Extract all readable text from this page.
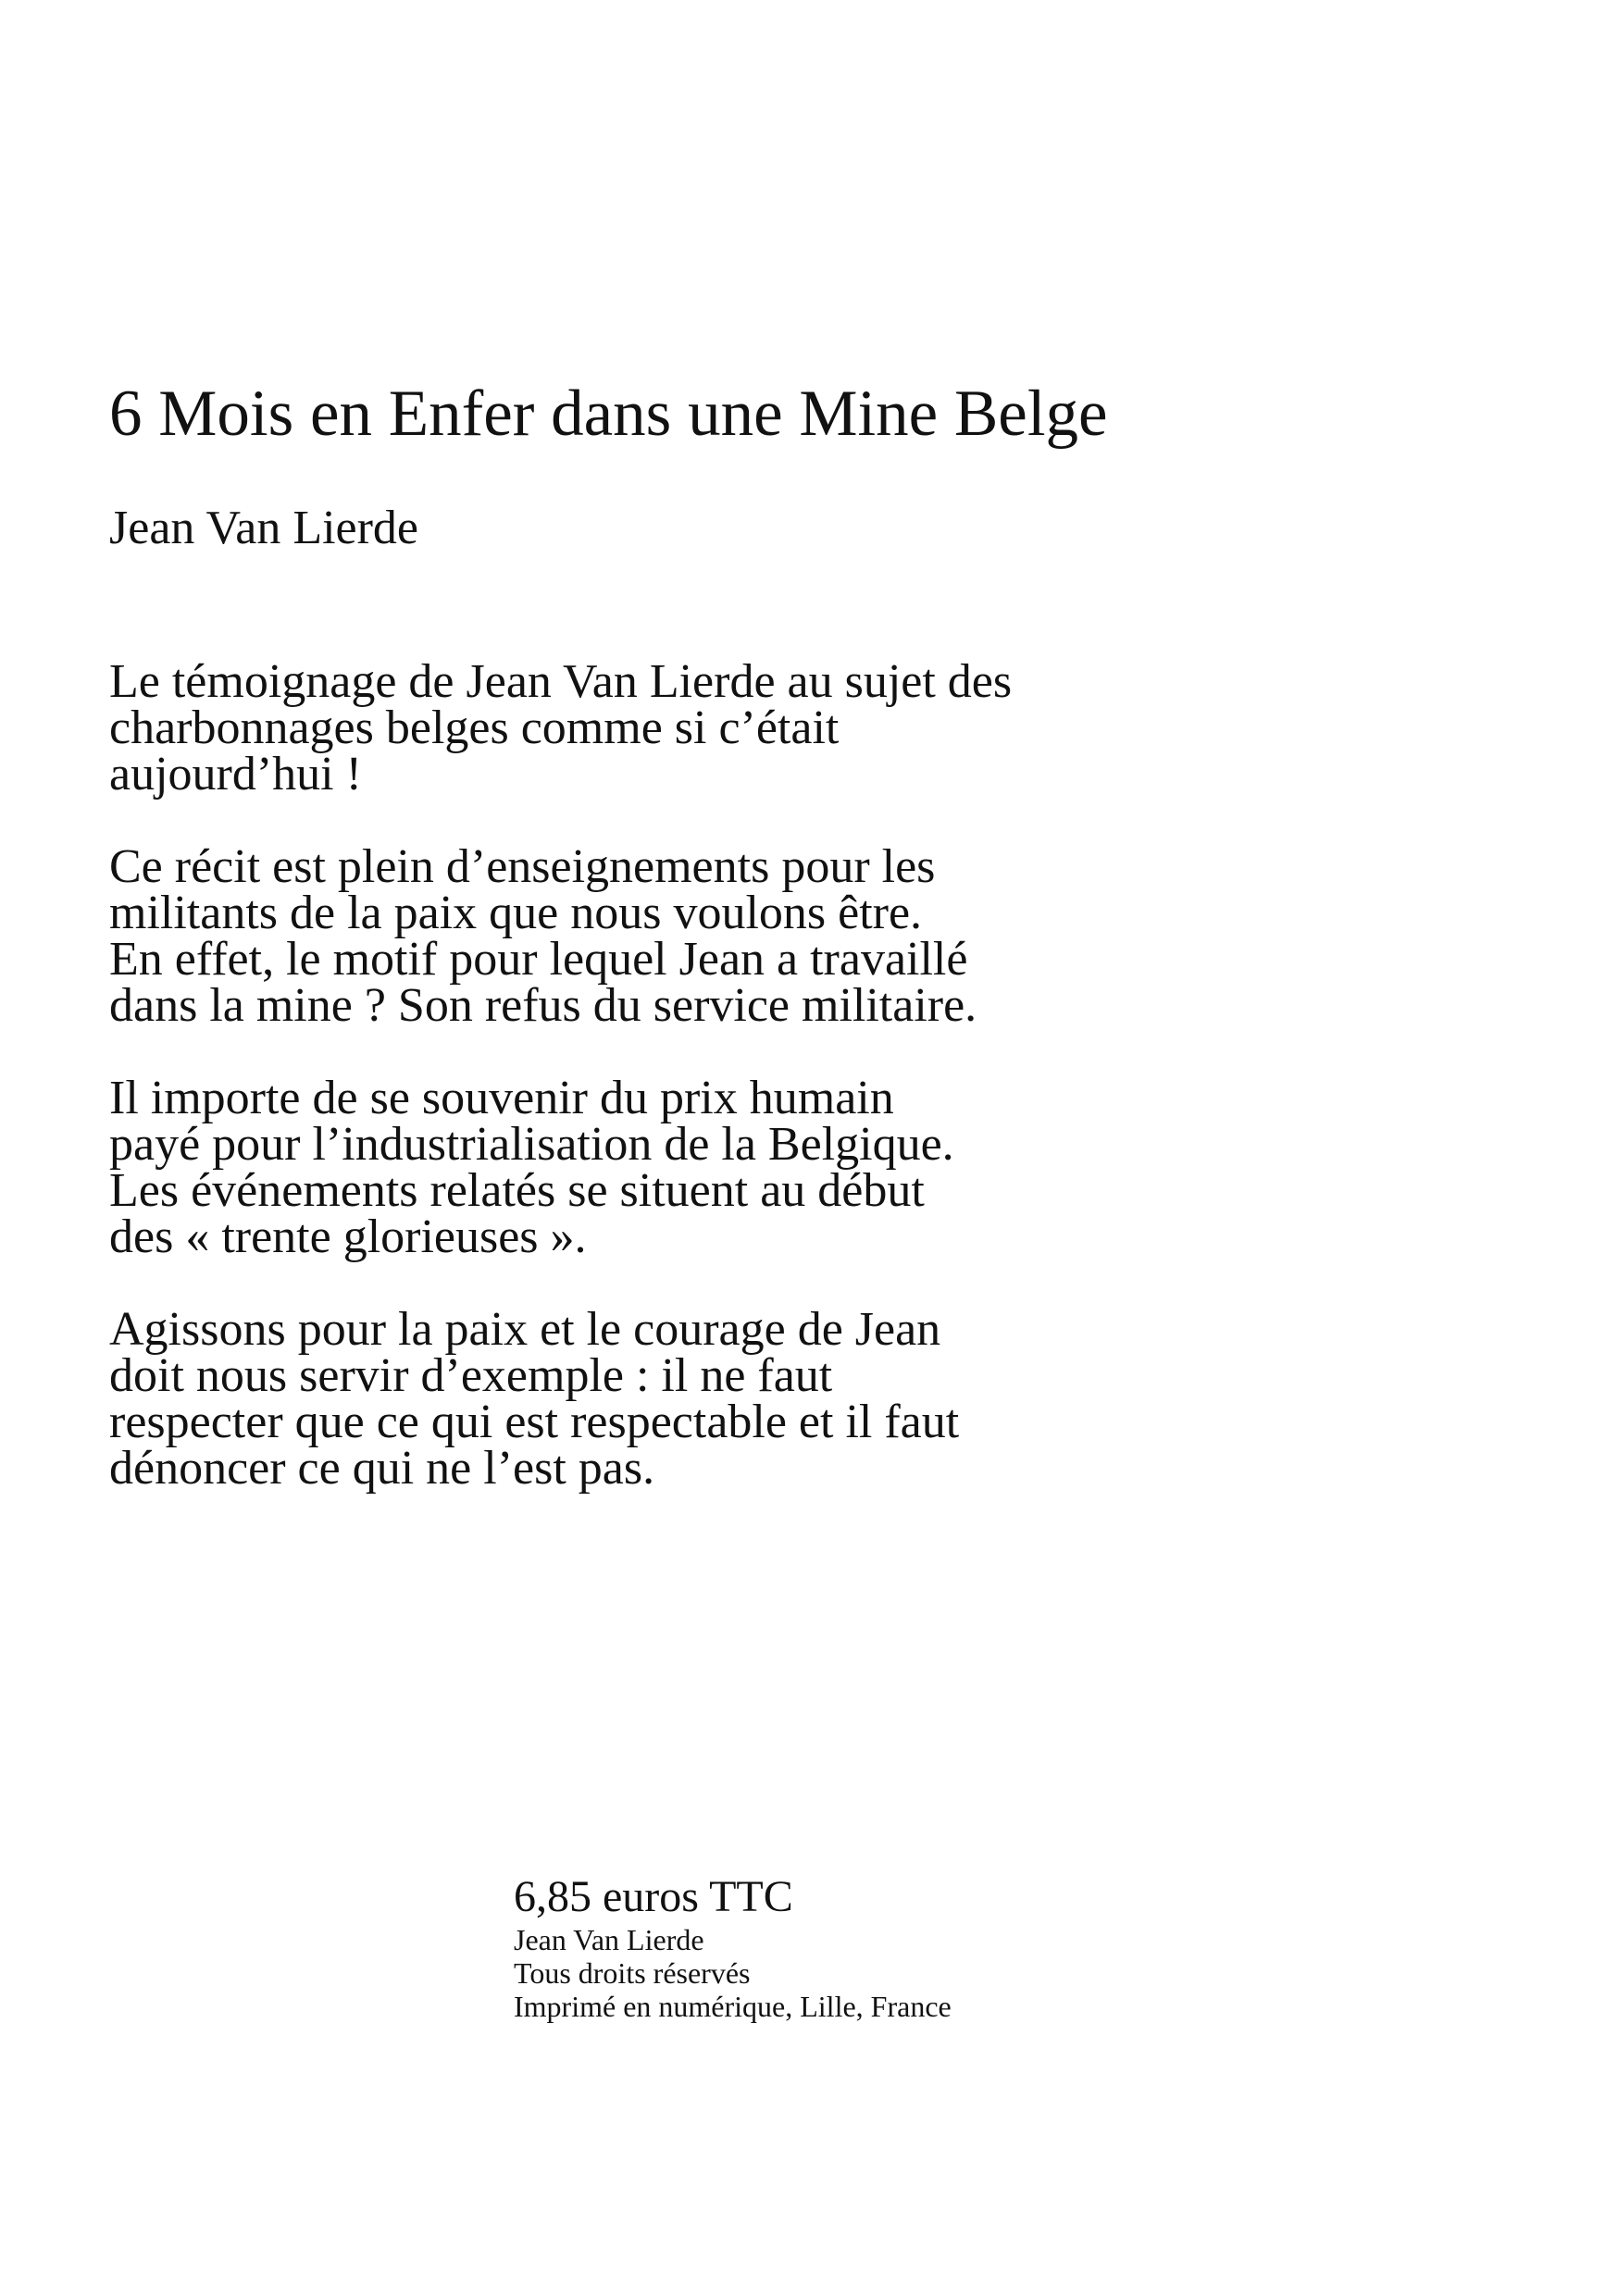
6 Mois en Enfer dans une Mine Belge
Jean Van Lierde

Le témoignage de Jean Van Lierde au sujet des
charbonnages belges comme si c’était
aujourd’hui !

Ce récit est plein d’enseignements pour les
militants de la paix que nous voulons être.
En effet, le motif pour lequel Jean a travaillé
dans la mine ? Son refus du service militaire.

Il importe de se souvenir du prix humain
payé pour l’industrialisation de la Belgique.
Les événements relatés se situent au début
des « trente glorieuses ».

Agissons pour la paix et le courage de Jean
doit nous servir d’exemple : il ne faut
respecter que ce qui est respectable et il faut
dénoncer ce qui ne l’est pas.

6,85 euros TTC

Jean Van Lierde

Tous droits réservés

Imprimé en numérique, Lille, France
